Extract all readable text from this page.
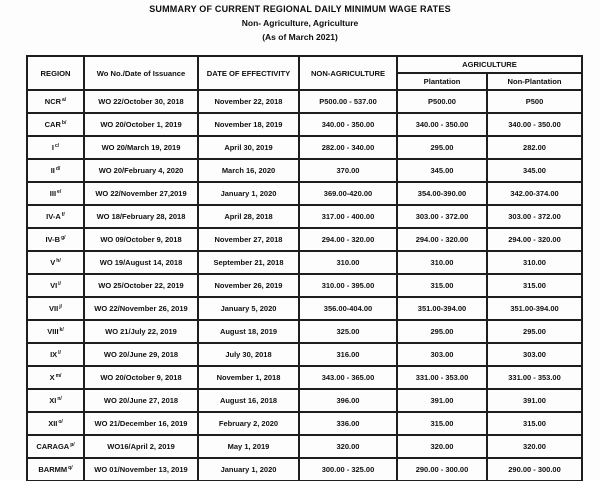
SUMMARY OF CURRENT REGIONAL DAILY MINIMUM WAGE RATES
Non- Agriculture, Agriculture
(As of March 2021)
REGION	Wo No./Date of Issuance	DATE OF EFFECTIVITY	NON-AGRICULTURE	AGRICULTURE	
				Plantation	Non-Plantation
$NCR^{a/}$	WO 22/October 30, 2018	November 22, 2018	P500.00 - 537.00	P500.00	P500
$CAR^{b/}$	WO 20/October 1, 2019	November 18, 2019	340.00 - 350.00	340.00 - 350.00	340.00 - 350.00
$I^{c/}$	WO 20/March 19, 2019	April 30, 2019	282.00 - 340.00	295.00	282.00
$II^{d/}$	WO 20/February 4, 2020	March 16, 2020	370.00	345.00	345.00
$III^{e/}$	WO 22/November 27,2019	January 1, 2020	369.00-420.00	354.00-390.00	342.00-374.00
$IV-A^{f/}$	WO 18/February 28, 2018	April 28, 2018	317.00 - 400.00	303.00 - 372.00	303.00 - 372.00
$IV-B^{g/}$	WO 09/October 9, 2018	November 27, 2018	294.00 - 320.00	294.00 - 320.00	294.00 - 320.00
$V^{h/}$	WO 19/August 14, 2018	September 21, 2018	310.00	310.00	310.00
$VI^{i/}$	WO 25/October 22, 2019	November 26, 2019	310.00 - 395.00	315.00	315.00
$VII^{j/}$	WO 22/November 26, 2019	January 5, 2020	356.00-404.00	351.00-394.00	351.00-394.00
$VIII^{k/}$	WO 21/July 22, 2019	August 18, 2019	325.00	295.00	295.00
$IX^{l/}$	WO 20/June 29, 2018	July 30, 2018	316.00	303.00	303.00
$X^{m/}$	WO 20/October 9, 2018	November 1, 2018	343.00 - 365.00	331.00 - 353.00	331.00 - 353.00
$XI^{n/}$	WO 20/June 27, 2018	August 16, 2018	396.00	391.00	391.00
$XII^{o/}$	WO 21/December 16, 2019	February 2, 2020	336.00	315.00	315.00
$CARAGA^{p/}$	WO16/April 2, 2019	May 1, 2019	320.00	320.00	320.00
$BARMM^{q/}$	WO 01/November 13, 2019	January 1, 2020	300.00 - 325.00	290.00 - 300.00	290.00 - 300.00
